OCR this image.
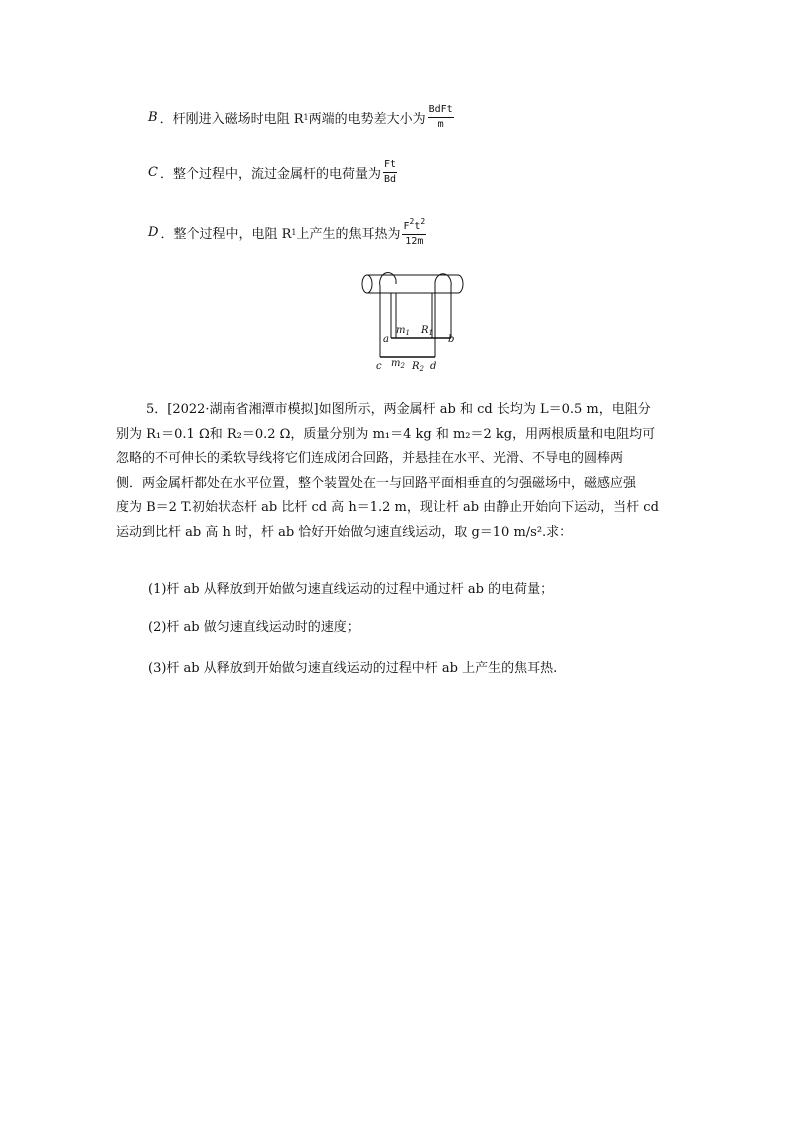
B ．杆刚进入磁场时电阻 R 1 两端的电势差大小为 $\frac{\text{BdFt}}{m}$
C ．整个过程中，流过金属杆的电荷量为 $\frac{Ft}{Bd}$
D ．整个过程中，电阻 R 1 上产生的焦耳热为 $\frac{F^2t^2}{12m}$
$m_1$ $R_1$
a	b
c $m_2$ $R_2$ d
5．[2022·湖南省湘潭市模拟]如图所示，两金属杆 ab 和 cd 长均为 L＝0.5 m，电阻分
别为 R₁＝0.1 Ω和 R₂＝0.2 Ω，质量分别为 m₁＝4 kg 和 m₂＝2 kg，用两根质量和电阻均可
忽略的不可伸长的柔软导线将它们连成闭合回路，并悬挂在水平、光滑、不导电的圆棒两
侧．两金属杆都处在水平位置，整个装置处在一与回路平面相垂直的匀强磁场中，磁感应强
度为 B＝2 T.初始状态杆 ab 比杆 cd 高 h＝1.2 m，现让杆 ab 由静止开始向下运动，当杆 cd
运动到比杆 ab 高 h 时，杆 ab 恰好开始做匀速直线运动，取 g＝10 m/s².求：
(1)杆 ab 从释放到开始做匀速直线运动的过程中通过杆 ab 的电荷量；
(2)杆 ab 做匀速直线运动时的速度；
(3)杆 ab 从释放到开始做匀速直线运动的过程中杆 ab 上产生的焦耳热.
